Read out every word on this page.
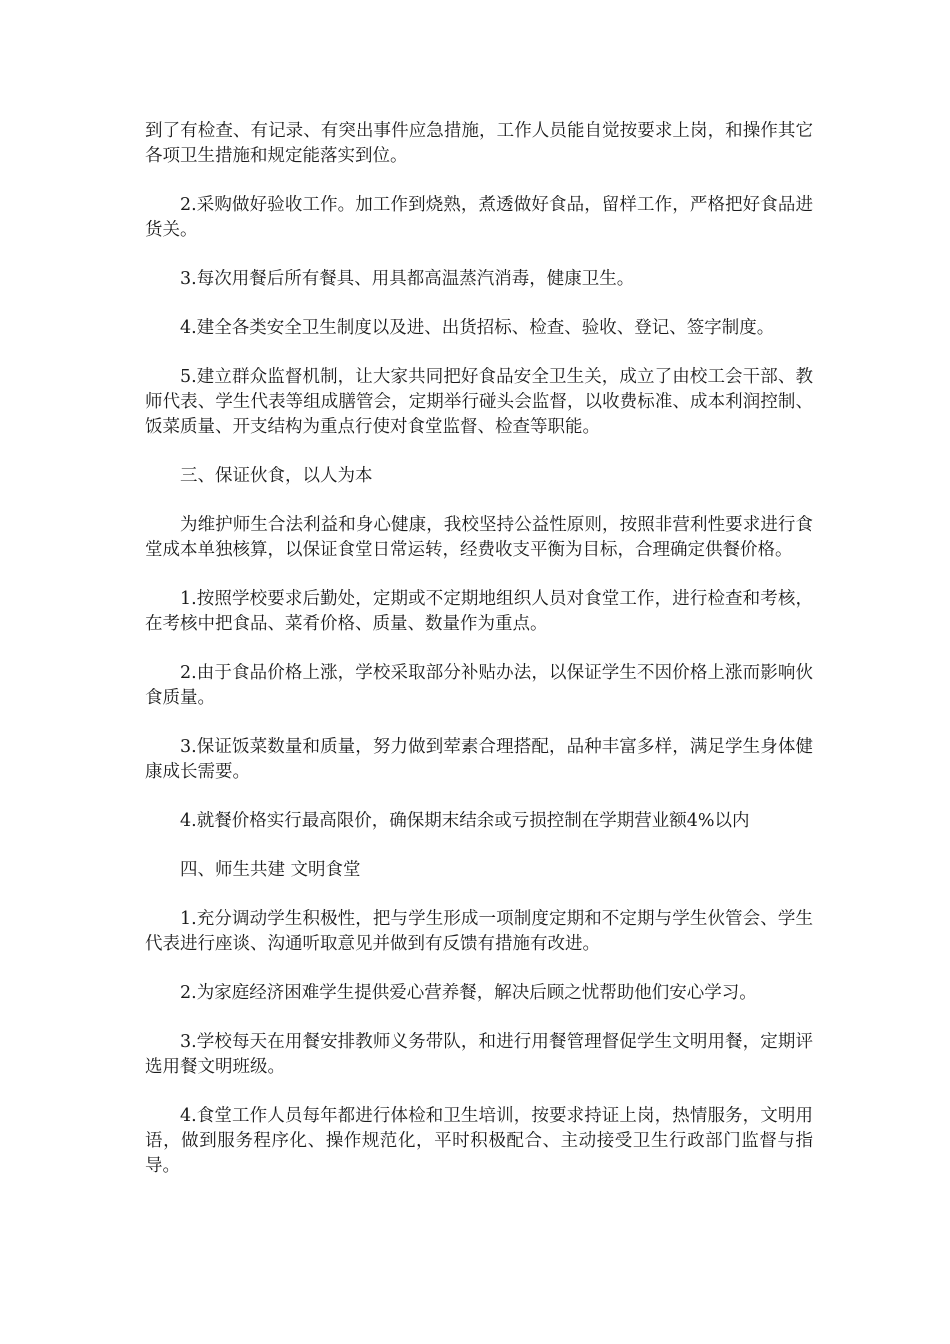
到了有检查、有记录、有突出事件应急措施，工作人员能自觉按要求上岗，和操作其它各项卫生措施和规定能落实到位。

2.采购做好验收工作。加工作到烧熟，煮透做好食品，留样工作，严格把好食品进货关。

3.每次用餐后所有餐具、用具都高温蒸汽消毒，健康卫生。

4.建全各类安全卫生制度以及进、出货招标、检查、验收、登记、签字制度。

5.建立群众监督机制，让大家共同把好食品安全卫生关，成立了由校工会干部、教师代表、学生代表等组成膳管会，定期举行碰头会监督，以收费标准、成本利润控制、饭菜质量、开支结构为重点行使对食堂监督、检查等职能。

三、保证伙食，以人为本

为维护师生合法利益和身心健康，我校坚持公益性原则，按照非营利性要求进行食堂成本单独核算，以保证食堂日常运转，经费收支平衡为目标，合理确定供餐价格。

1.按照学校要求后勤处，定期或不定期地组织人员对食堂工作，进行检查和考核，在考核中把食品、菜肴价格、质量、数量作为重点。

2.由于食品价格上涨，学校采取部分补贴办法，以保证学生不因价格上涨而影响伙食质量。

3.保证饭菜数量和质量，努力做到荤素合理搭配，品种丰富多样，满足学生身体健康成长需要。

4.就餐价格实行最高限价，确保期末结余或亏损控制在学期营业额4%以内

四、师生共建 文明食堂

1.充分调动学生积极性，把与学生形成一项制度定期和不定期与学生伙管会、学生代表进行座谈、沟通听取意见并做到有反馈有措施有改进。

2.为家庭经济困难学生提供爱心营养餐，解决后顾之忧帮助他们安心学习。

3.学校每天在用餐安排教师义务带队，和进行用餐管理督促学生文明用餐，定期评选用餐文明班级。

4.食堂工作人员每年都进行体检和卫生培训，按要求持证上岗，热情服务，文明用语，做到服务程序化、操作规范化，平时积极配合、主动接受卫生行政部门监督与指导。
